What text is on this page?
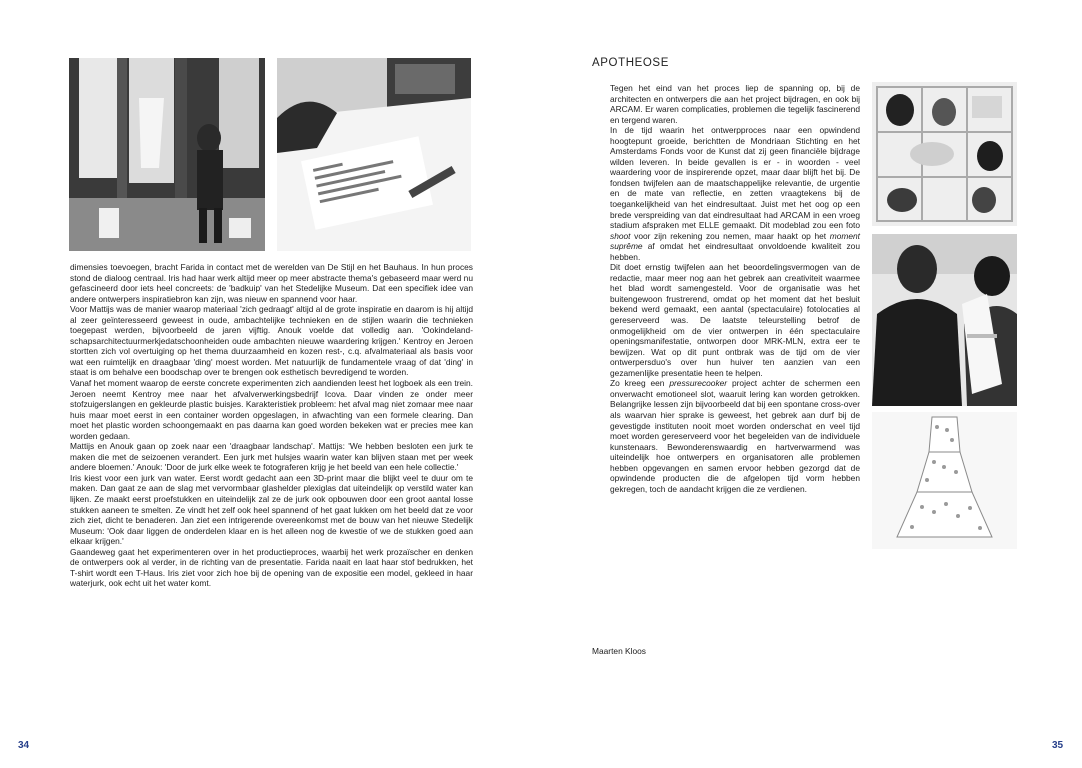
dimensies toevoegen, bracht Farida in contact met de werelden van De Stijl en het Bauhaus. In hun proces stond de dialoog centraal. Iris had haar werk altijd meer op meer abstracte thema's gebaseerd maar werd nu gefascineerd door iets heel concreets: de 'badkuip' van het Stedelijke Museum. Dat een specifiek idee van andere ontwerpers inspiratiebron kan zijn, was nieuw en spannend voor haar.

Voor Mattijs was de manier waarop materiaal 'zich gedraagt' altijd al de grote inspiratie en daarom is hij altijd al zeer geïnteresseerd geweest in oude, ambachtelijke technieken en de stijlen waarin die technieken toegepast werden, bijvoorbeeld de jaren vijftig. Anouk voelde dat volledig aan. 'Ookindeland-schapsarchitectuurmerkjedatschoonheiden oude ambachten nieuwe waardering krijgen.' Kentroy en Jeroen stortten zich vol overtuiging op het thema duurzaamheid en kozen rest-, c.q. afvalmateriaal als basis voor wat een ruimtelijk en draagbaar 'ding' moest worden. Met natuurlijk de fundamentele vraag of dat 'ding' in staat is om behalve een boodschap over te brengen ook esthetisch bevredigend te worden.

Vanaf het moment waarop de eerste concrete experimenten zich aandienden leest het logboek als een trein. Jeroen neemt Kentroy mee naar het afvalverwerkingsbedrijf Icova. Daar vinden ze onder meer stofzuigerslangen en gekleurde plastic buisjes. Karakteristiek probleem: het afval mag niet zomaar mee naar huis maar moet eerst in een container worden opgeslagen, in afwachting van een formele clearing. Dan moet het plastic worden schoongemaakt en pas daarna kan goed worden bekeken wat er precies mee kan worden gedaan.

Mattijs en Anouk gaan op zoek naar een 'draagbaar landschap'. Mattijs: 'We hebben besloten een jurk te maken die met de seizoenen verandert. Een jurk met hulsjes waarin water kan blijven staan met per week andere bloemen.' Anouk: 'Door de jurk elke week te fotograferen krijg je het beeld van een hele collectie.'

Iris kiest voor een jurk van water. Eerst wordt gedacht aan een 3D-print maar die blijkt veel te duur om te maken. Dan gaat ze aan de slag met vervormbaar glashelder plexiglas dat uiteindelijk op verstild water kan lijken. Ze maakt eerst proefstukken en uiteindelijk zal ze de jurk ook opbouwen door een groot aantal losse stukken aaneen te smelten. Ze vindt het zelf ook heel spannend of het gaat lukken om het beeld dat ze voor zich ziet, dicht te benaderen. Jan ziet een intrigerende overeenkomst met de bouw van het nieuwe Stedelijk Museum: 'Ook daar liggen de onderdelen klaar en is het alleen nog de kwestie of we de stukken goed aan elkaar krijgen.'

Gaandeweg gaat het experimenteren over in het productieproces, waarbij het werk prozaïscher en denken de ontwerpers ook al verder, in de richting van de presentatie. Farida naait en laat haar stof bedrukken, het T-shirt wordt een T-Haus. Iris ziet voor zich hoe bij de opening van de expositie een model, gekleed in haar waterjurk, ook echt uit het water komt.

34
APOTHEOSE

Tegen het eind van het proces liep de spanning op, bij de architecten en ontwerpers die aan het project bijdragen, en ook bij ARCAM. Er waren complicaties, problemen die tegelijk fascinerend en tergend waren.

In de tijd waarin het ontwerpproces naar een opwindend hoogtepunt groeide, berichtten de Mondriaan Stichting en het Amsterdams Fonds voor de Kunst dat zij geen financiële bijdrage wilden leveren. In beide gevallen is er - in woorden - veel waardering voor de inspirerende opzet, maar daar blijft het bij. De fondsen twijfelen aan de maatschappelijke relevantie, de urgentie en de mate van reflectie, en zetten vraagtekens bij de toegankelijkheid van het eindresultaat. Juist met het oog op een brede verspreiding van dat eindresultaat had ARCAM in een vroeg stadium afspraken met ELLE gemaakt. Dit modeblad zou een foto shoot voor zijn rekening zou nemen, maar haakt op het moment suprême af omdat het eindresultaat onvoldoende kwaliteit zou hebben.

Dit doet ernstig twijfelen aan het beoordelingsvermogen van de redactie, maar meer nog aan het gebrek aan creativiteit waarmee het blad wordt samengesteld. Voor de organisatie was het buitengewoon frustrerend, omdat op het moment dat het besluit bekend werd gemaakt, een aantal (spectaculaire) fotolocaties al gereserveerd was. De laatste teleurstelling betrof de onmogelijkheid om de vier ontwerpen in één spectaculaire openingsmanifestatie, ontworpen door MRK-MLN, extra eer te bewijzen. Wat op dit punt ontbrak was de tijd om de vier ontwerpersduo's over hun huiver ten aanzien van een gezamenlijke presentatie heen te helpen.

Zo kreeg een pressurecooker project achter de schermen een onverwacht emotioneel slot, waaruit lering kan worden getrokken. Belangrijke lessen zijn bijvoorbeeld dat bij een spontane cross-over als waarvan hier sprake is geweest, het gebrek aan durf bij de gevestigde instituten nooit moet worden onderschat en veel tijd moet worden gereserveerd voor het begeleiden van de individuele kunstenaars. Bewonderenswaardig en hartverwarmend was uiteindelijk hoe ontwerpers en organisatoren alle problemen hebben opgevangen en samen ervoor hebben gezorgd dat de opwindende producten die de afgelopen tijd vorm hebben gekregen, toch de aandacht krijgen die ze verdienen.

Maarten Kloos
35
